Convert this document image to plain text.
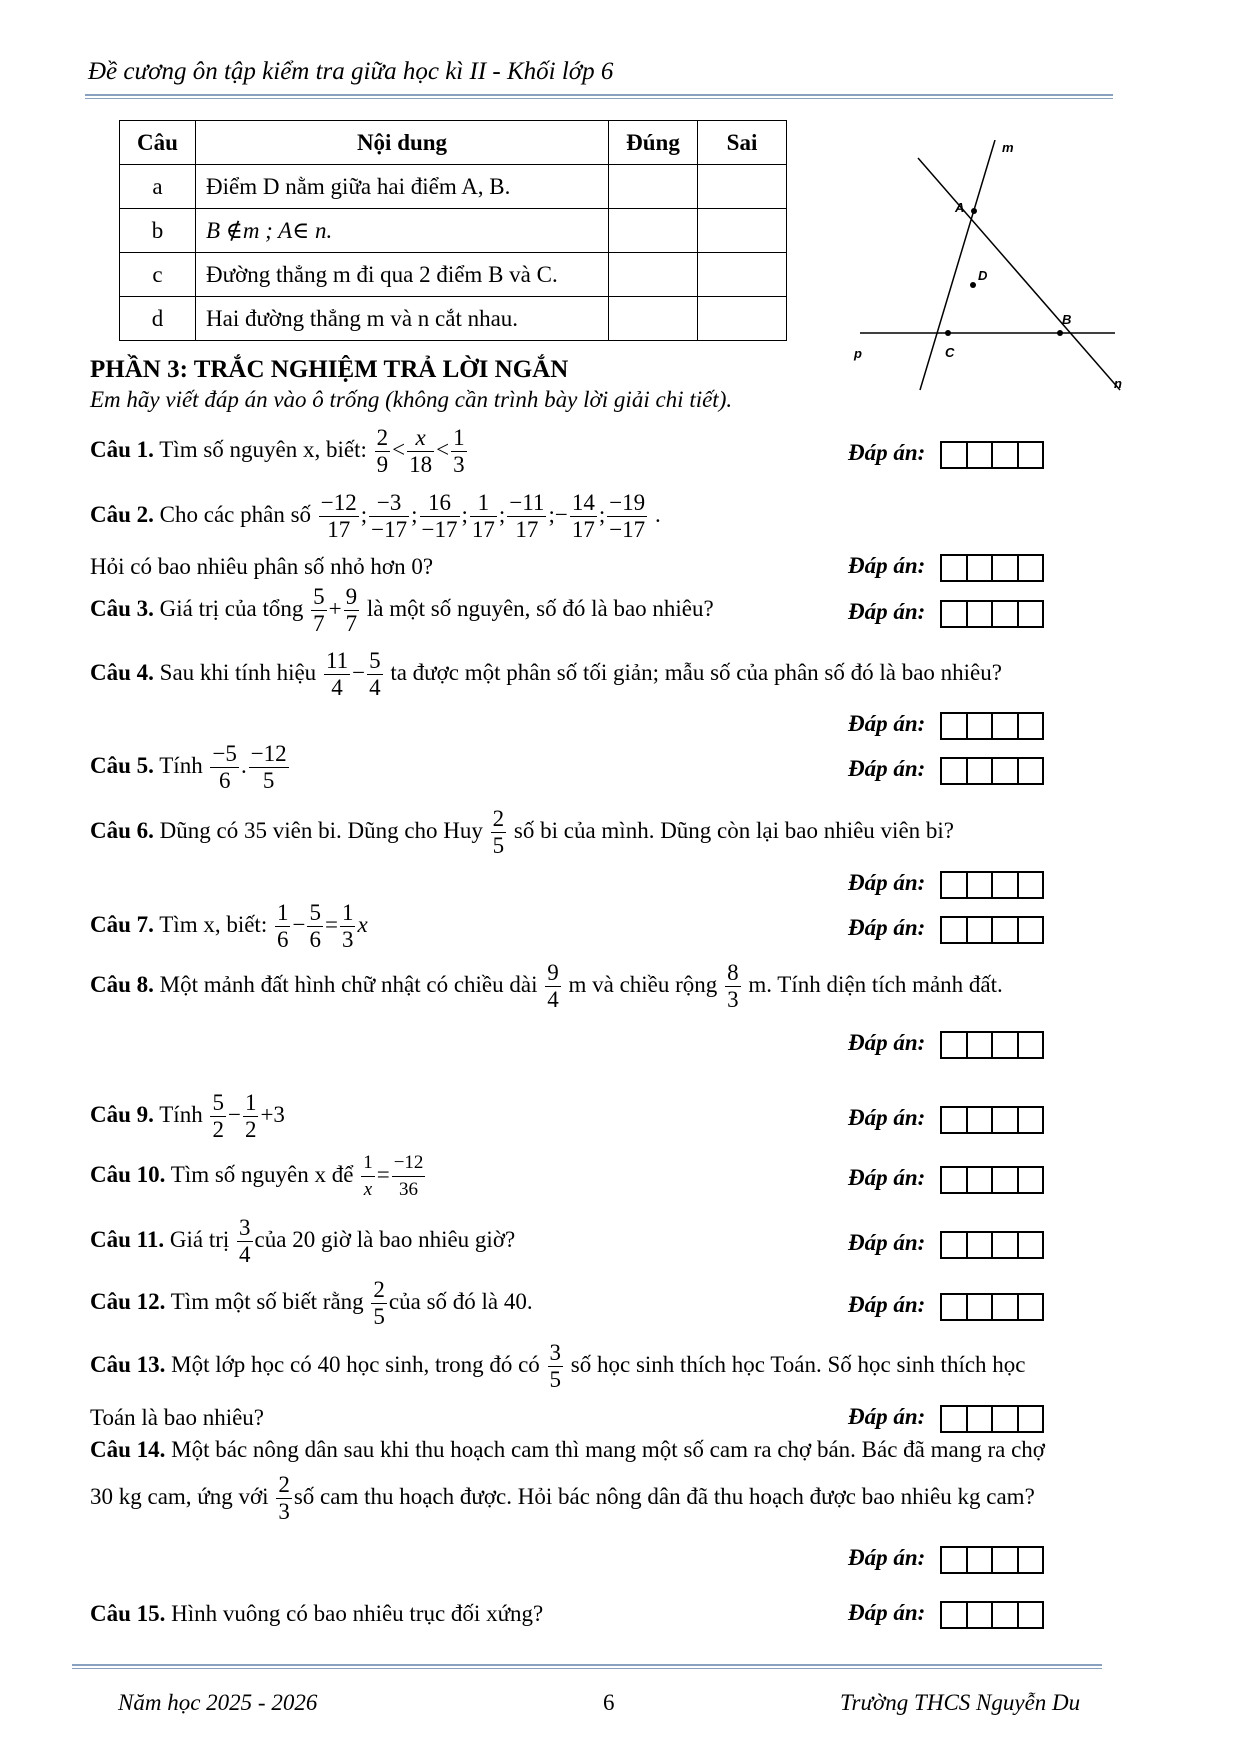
Đề cương ôn tập kiểm tra giữa học kì II - Khối lớp 6
Câu	Nội dung	Đúng	Sai
a	Điểm D nằm giữa hai điểm A, B.		
b	B ∉m ; A∈ n.		
c	Đường thẳng m đi qua 2 điểm B và C.		
d	Hai đường thẳng m và n cắt nhau.		
m
n
p
A
B
C
D
PHẦN 3: TRẮC NGHIỆM TRẢ LỜI NGẮN
Em hãy viết đáp án vào ô trống (không cần trình bày lời giải chi tiết).
Câu 1. Tìm số nguyên x, biết: $\frac{2}{9} < \frac{x}{18} < \frac{1}{3}$	Đáp án:
Câu 2. Cho các phân số $\frac{-12}{17}$ ; $\frac{-3}{-17}$ ; $\frac{16}{-17}$ ; $\frac{1}{17}$ ; $\frac{-11}{17}$ ;− $\frac{14}{17}$ ; $\frac{-19}{-17}$ .
Hỏi có bao nhiêu phân số nhỏ hơn 0?	Đáp án:
Câu 3. Giá trị của tổng $\frac{5}{7} + \frac{9}{7}$ là một số nguyên, số đó là bao nhiêu?	Đáp án:
Câu 4. Sau khi tính hiệu $\frac{11}{4} - \frac{5}{4}$ ta được một phân số tối giản; mẫu số của phân số đó là bao nhiêu?
Đáp án:
Câu 5. Tính $\frac{-5}{6}$ . $\frac{-12}{5}$	Đáp án:
Câu 6. Dũng có 35 viên bi. Dũng cho Huy $\frac{2}{5}$ số bi của mình. Dũng còn lại bao nhiêu viên bi?
Đáp án:
Câu 7. Tìm x, biết: $\frac{1}{6} - \frac{5}{6} = \frac{1}{3}$ x	Đáp án:
Câu 8. Một mảnh đất hình chữ nhật có chiều dài $\frac{9}{4}$ m và chiều rộng $\frac{8}{3} m$. Tính diện tích mảnh đất.
Đáp án:
Câu 9. Tính $\frac{5}{2} - \frac{1}{2} +3$	Đáp án:
Câu 10. Tìm số nguyên x để $\frac{1}{x} = \frac{-12}{36}$	Đáp án:
Câu 11. Giá trị $\frac{3}{4}$ của 20 giờ là bao nhiêu giờ?	Đáp án:
Câu 12. Tìm một số biết rằng $\frac{2}{5}$ của số đó là 40.	Đáp án:
Câu 13. Một lớp học có 40 học sinh, trong đó có $\frac{3}{5}$ số học sinh thích học Toán. Số học sinh thích học
Toán là bao nhiêu?	Đáp án:
Câu 14. Một bác nông dân sau khi thu hoạch cam thì mang một số cam ra chợ bán. Bác đã mang ra chợ
30 kg cam, ứng với $\frac{2}{3}$ số cam thu hoạch được. Hỏi bác nông dân đã thu hoạch được bao nhiêu kg cam?
Đáp án:
Câu 15. Hình vuông có bao nhiêu trục đối xứng?	Đáp án:
Năm học 2025 - 2026	6	Trường THCS Nguyễn Du
